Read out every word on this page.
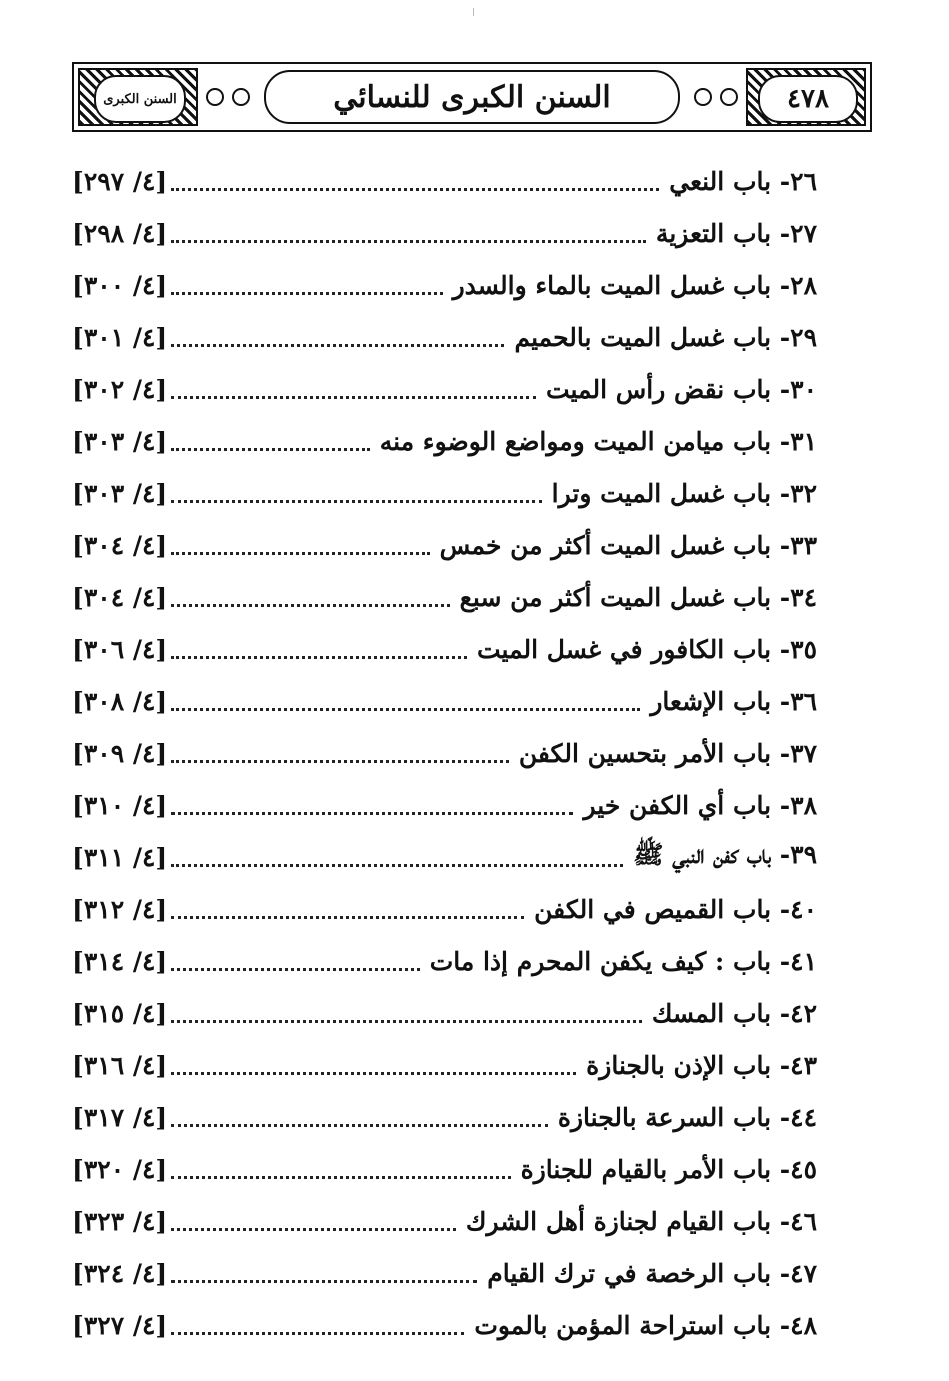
السنن الكبرى	السنن الكبرى للنسائي	٤٧٨
٢٦- باب النعي
[٤/ ٢٩٧]
٢٧- باب التعزية
[٤/ ٢٩٨]
٢٨- باب غسل الميت بالماء والسدر
[٤/ ٣٠٠]
٢٩- باب غسل الميت بالحميم
[٤/ ٣٠١]
٣٠- باب نقض رأس الميت
[٤/ ٣٠٢]
٣١- باب ميامن الميت ومواضع الوضوء منه
[٤/ ٣٠٣]
٣٢- باب غسل الميت وترا
[٤/ ٣٠٣]
٣٣- باب غسل الميت أكثر من خمس
[٤/ ٣٠٤]
٣٤- باب غسل الميت أكثر من سبع
[٤/ ٣٠٤]
٣٥- باب الكافور في غسل الميت
[٤/ ٣٠٦]
٣٦- باب الإشعار
[٤/ ٣٠٨]
٣٧- باب الأمر بتحسين الكفن
[٤/ ٣٠٩]
٣٨- باب أي الكفن خير
[٤/ ٣١٠]
٣٩- باب كفن النبي ﷺ
[٤/ ٣١١]
٤٠- باب القميص في الكفن
[٤/ ٣١٢]
٤١- باب : كيف يكفن المحرم إذا مات
[٤/ ٣١٤]
٤٢- باب المسك
[٤/ ٣١٥]
٤٣- باب الإذن بالجنازة
[٤/ ٣١٦]
٤٤- باب السرعة بالجنازة
[٤/ ٣١٧]
٤٥- باب الأمر بالقيام للجنازة
[٤/ ٣٢٠]
٤٦- باب القيام لجنازة أهل الشرك
[٤/ ٣٢٣]
٤٧- باب الرخصة في ترك القيام
[٤/ ٣٢٤]
٤٨- باب استراحة المؤمن بالموت
[٤/ ٣٢٧]
